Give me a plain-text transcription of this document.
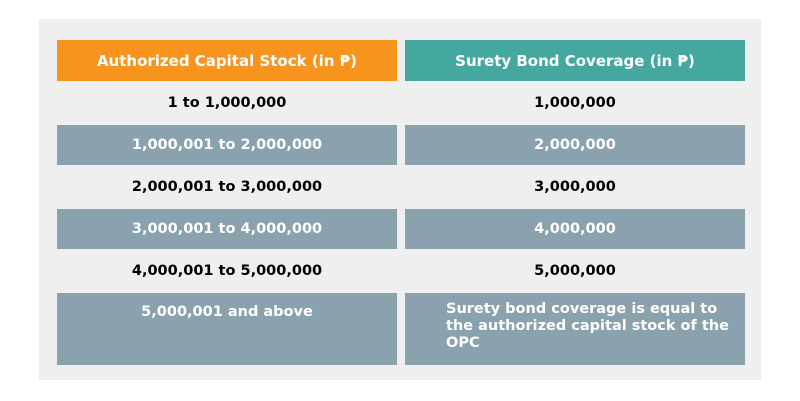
Authorized Capital Stock (in ₱)	Surety Bond Coverage (in ₱)
1 to 1,000,000	1,000,000
1,000,001 to 2,000,000	2,000,000
2,000,001 to 3,000,000	3,000,000
3,000,001 to 4,000,000	4,000,000
4,000,001 to 5,000,000	5,000,000
5,000,001 and above	Surety bond coverage is equal to the authorized capital stock of the OPC
